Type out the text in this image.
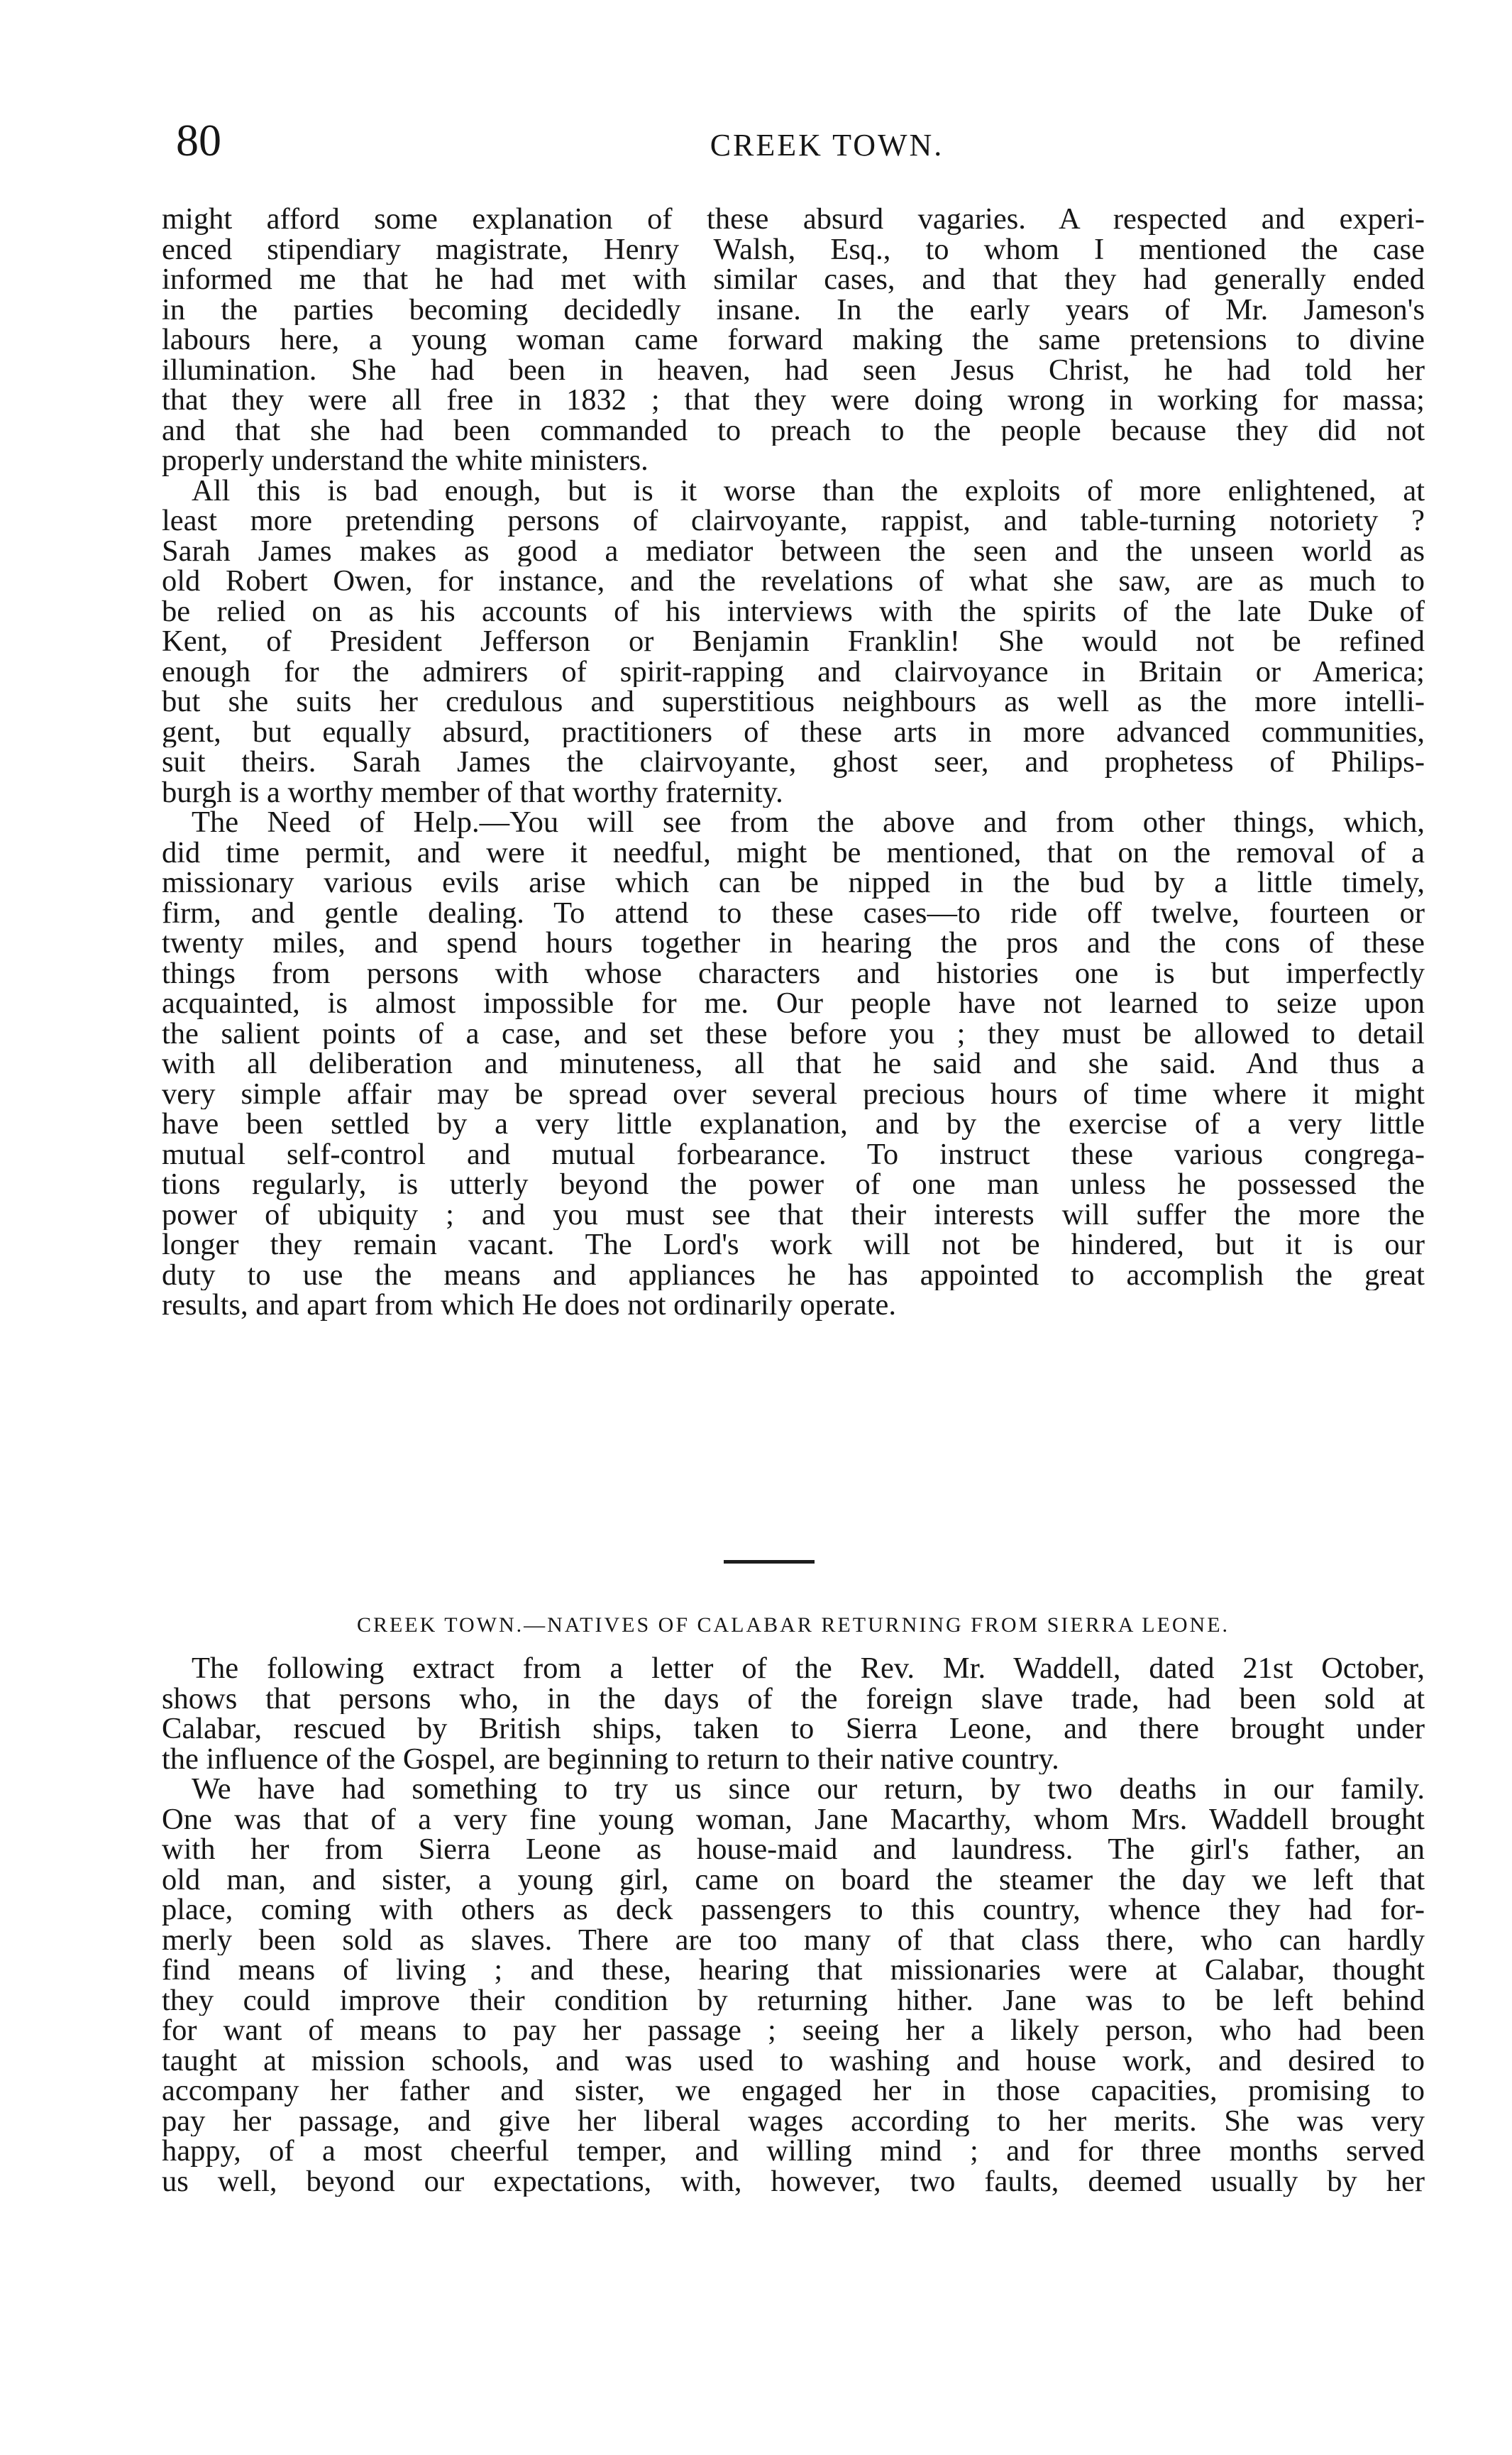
80	CREEK TOWN.

might afford some explanation of these absurd vagaries. A respected and experi-
enced stipendiary magistrate, Henry Walsh, Esq., to whom I mentioned the case
informed me that he had met with similar cases, and that they had generally ended
in the parties becoming decidedly insane. In the early years of Mr. Jameson's
labours here, a young woman came forward making the same pretensions to divine
illumination. She had been in heaven, had seen Jesus Christ, he had told her
that they were all free in 1832 ; that they were doing wrong in working for massa;
and that she had been commanded to preach to the people because they did not
properly understand the white ministers.

All this is bad enough, but is it worse than the exploits of more enlightened, at
least more pretending persons of clairvoyante, rappist, and table-turning notoriety ?
Sarah James makes as good a mediator between the seen and the unseen world as
old Robert Owen, for instance, and the revelations of what she saw, are as much to
be relied on as his accounts of his interviews with the spirits of the late Duke of
Kent, of President Jefferson or Benjamin Franklin! She would not be refined
enough for the admirers of spirit-rapping and clairvoyance in Britain or America;
but she suits her credulous and superstitious neighbours as well as the more intelli-
gent, but equally absurd, practitioners of these arts in more advanced communities,
suit theirs. Sarah James the clairvoyante, ghost seer, and prophetess of Philips-
burgh is a worthy member of that worthy fraternity.

The Need of Help.—You will see from the above and from other things, which,
did time permit, and were it needful, might be mentioned, that on the removal of a
missionary various evils arise which can be nipped in the bud by a little timely,
firm, and gentle dealing. To attend to these cases—to ride off twelve, fourteen or
twenty miles, and spend hours together in hearing the pros and the cons of these
things from persons with whose characters and histories one is but imperfectly
acquainted, is almost impossible for me. Our people have not learned to seize upon
the salient points of a case, and set these before you ; they must be allowed to detail
with all deliberation and minuteness, all that he said and she said. And thus a
very simple affair may be spread over several precious hours of time where it might
have been settled by a very little explanation, and by the exercise of a very little
mutual self-control and mutual forbearance. To instruct these various congrega-
tions regularly, is utterly beyond the power of one man unless he possessed the
power of ubiquity ; and you must see that their interests will suffer the more the
longer they remain vacant. The Lord's work will not be hindered, but it is our
duty to use the means and appliances he has appointed to accomplish the great
results, and apart from which He does not ordinarily operate.

CREEK TOWN.—NATIVES OF CALABAR RETURNING FROM SIERRA LEONE.

The following extract from a letter of the Rev. Mr. Waddell, dated 21st October,
shows that persons who, in the days of the foreign slave trade, had been sold at
Calabar, rescued by British ships, taken to Sierra Leone, and there brought under
the influence of the Gospel, are beginning to return to their native country.

We have had something to try us since our return, by two deaths in our family.
One was that of a very fine young woman, Jane Macarthy, whom Mrs. Waddell brought
with her from Sierra Leone as house-maid and laundress. The girl's father, an
old man, and sister, a young girl, came on board the steamer the day we left that
place, coming with others as deck passengers to this country, whence they had for-
merly been sold as slaves. There are too many of that class there, who can hardly
find means of living ; and these, hearing that missionaries were at Calabar, thought
they could improve their condition by returning hither. Jane was to be left behind
for want of means to pay her passage ; seeing her a likely person, who had been
taught at mission schools, and was used to washing and house work, and desired to
accompany her father and sister, we engaged her in those capacities, promising to
pay her passage, and give her liberal wages according to her merits. She was very
happy, of a most cheerful temper, and willing mind ; and for three months served
us well, beyond our expectations, with, however, two faults, deemed usually by her
